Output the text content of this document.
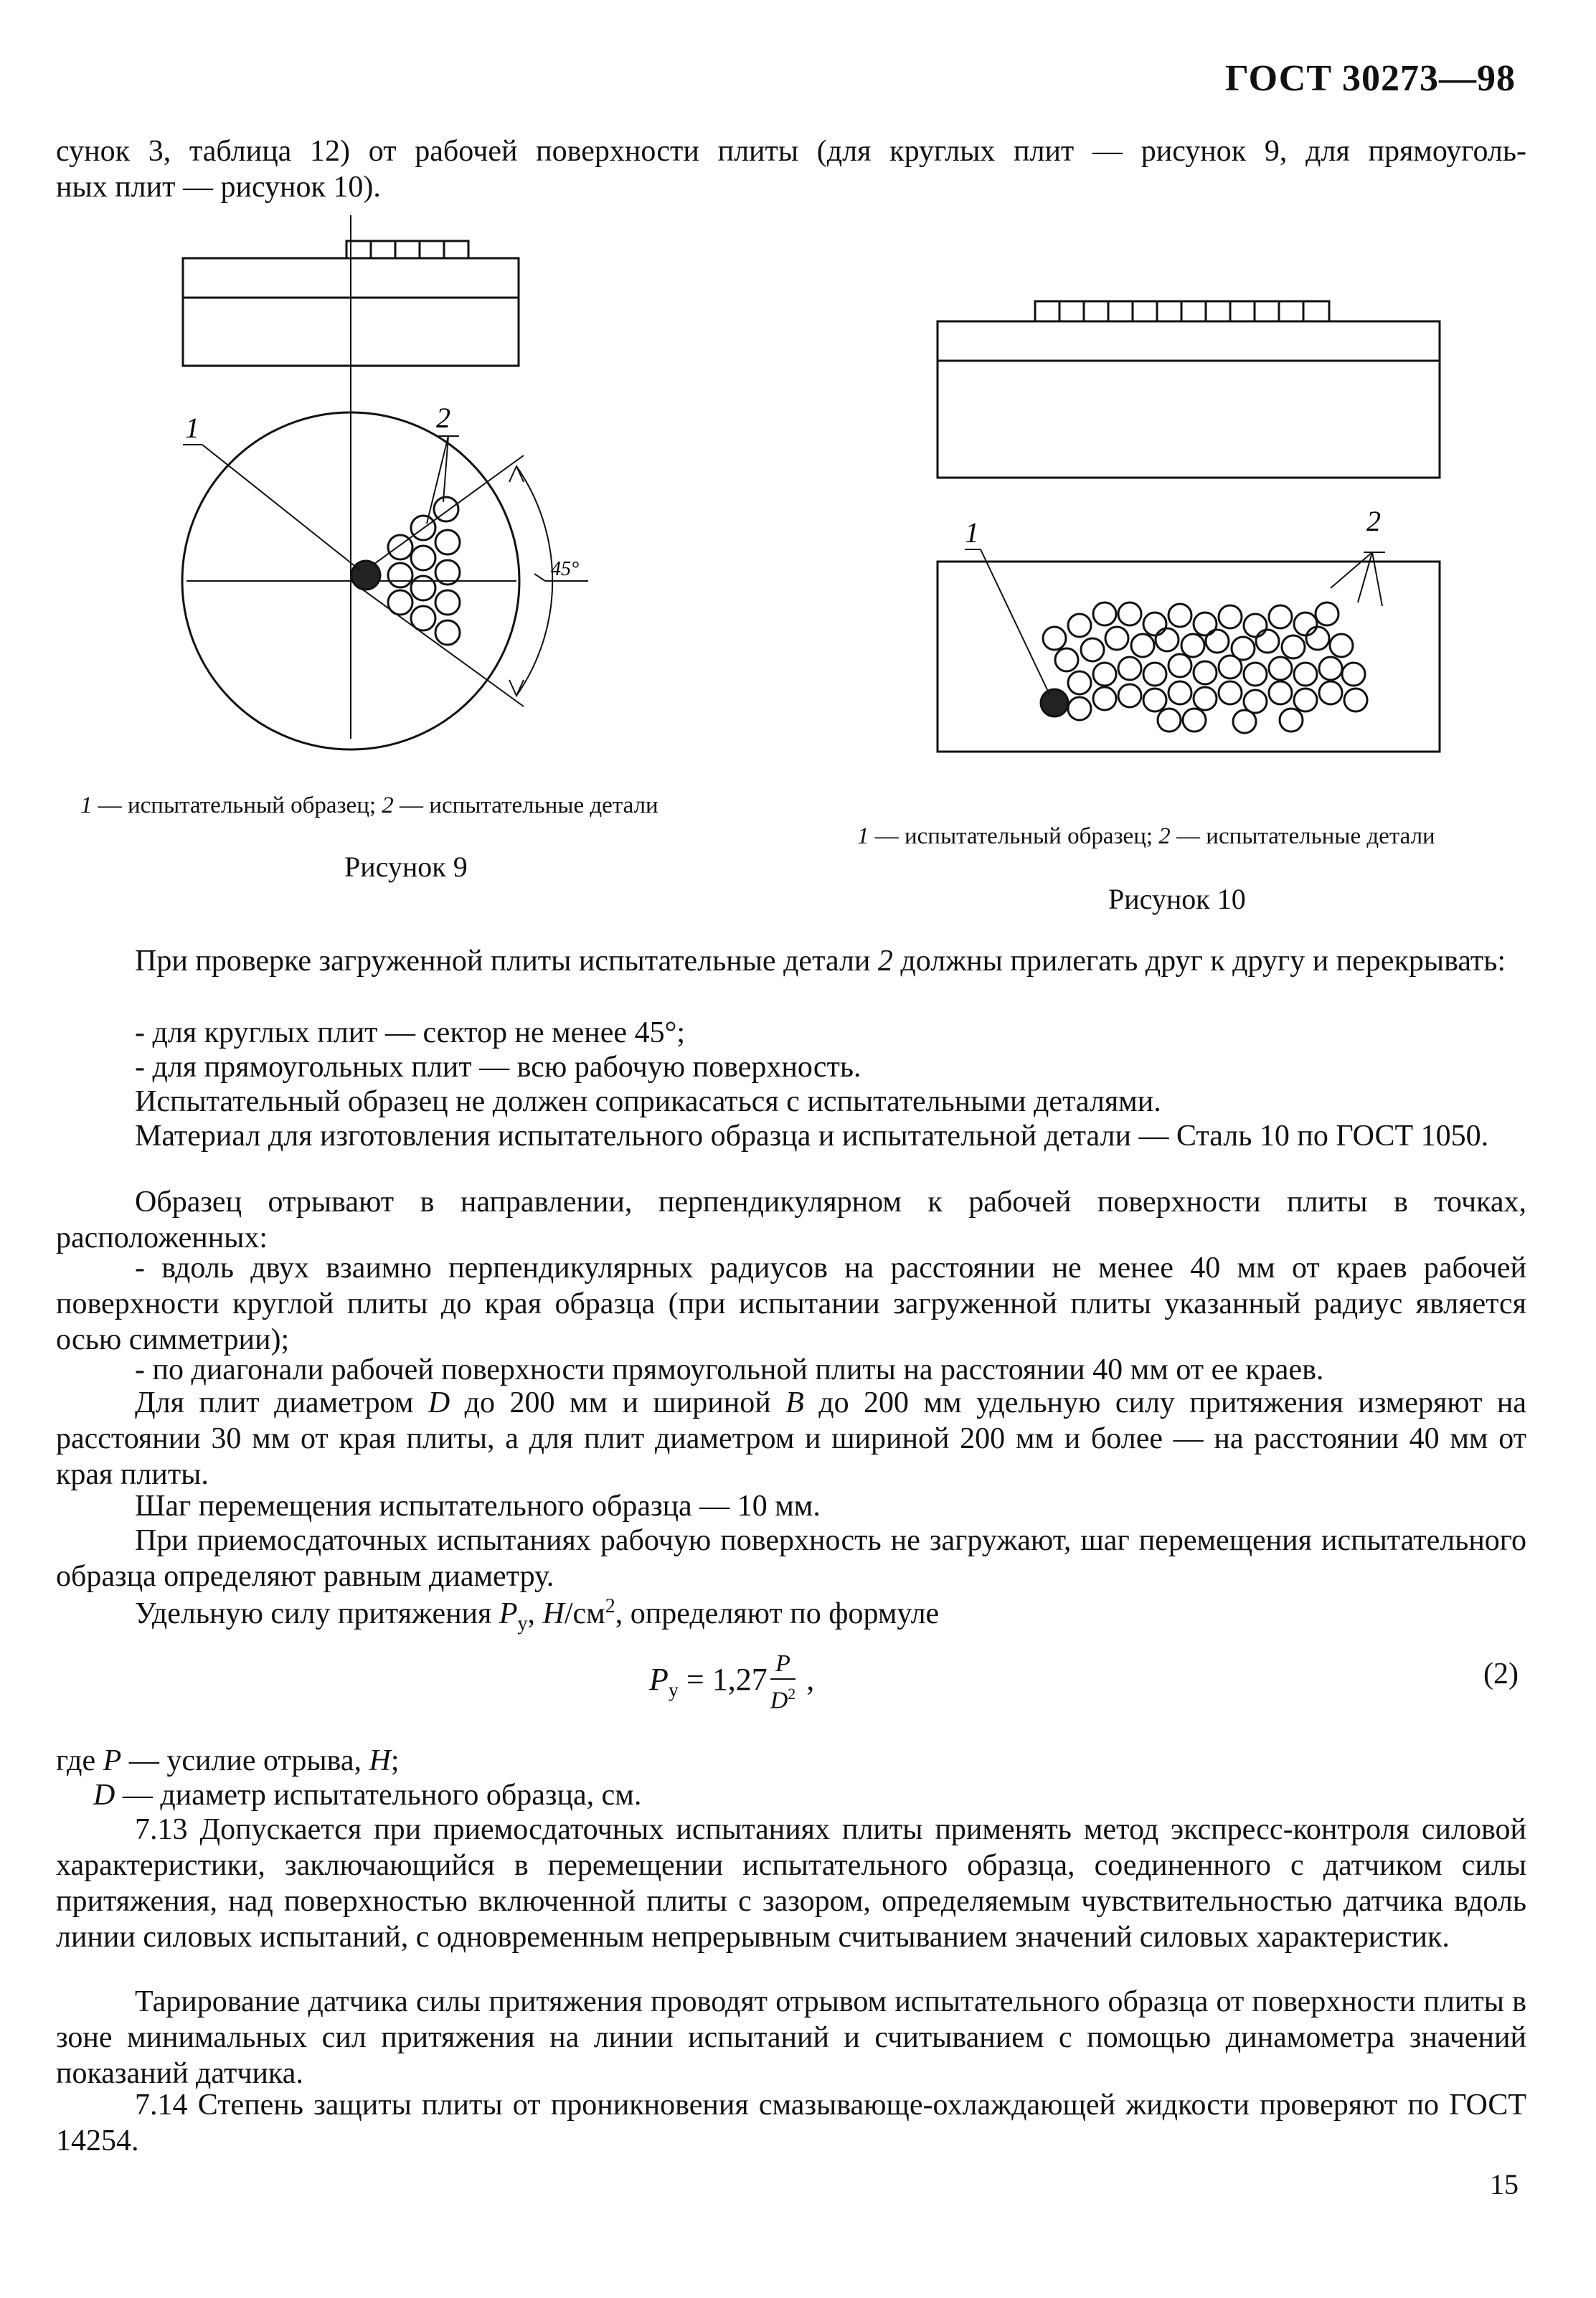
ГОСТ 30273—98
сунок 3, таблица 12) от рабочей поверхности плиты (для круглых плит — рисунок 9, для прямоуголь-
ных плит — рисунок 10).
1	2
45°
1 — испытательный образец; 2 — испытательные детали
Рисунок 9
1	2
1 — испытательный образец; 2 — испытательные детали
Рисунок 10
При проверке загруженной плиты испытательные детали 2 должны прилегать друг к другу и перекрывать:
- для круглых плит — сектор не менее 45°;
- для прямоугольных плит — всю рабочую поверхность.
Испытательный образец не должен соприкасаться с испытательными деталями.
Материал для изготовления испытательного образца и испытательной детали — Сталь 10 по ГОСТ 1050.
Образец отрывают в направлении, перпендикулярном к рабочей поверхности плиты в точках, расположенных:
- вдоль двух взаимно перпендикулярных радиусов на расстоянии не менее 40 мм от краев рабочей поверхности круглой плиты до края образца (при испытании загруженной плиты указанный радиус является осью симметрии);
- по диагонали рабочей поверхности прямоугольной плиты на расстоянии 40 мм от ее краев.
Для плит диаметром D до 200 мм и шириной B до 200 мм удельную силу притяжения измеряют на расстоянии 30 мм от края плиты, а для плит диаметром и шириной 200 мм и более — на расстоянии 40 мм от края плиты.
Шаг перемещения испытательного образца — 10 мм.
При приемосдаточных испытаниях рабочую поверхность не загружают, шаг перемещения испытательного образца определяют равным диаметру.
Удельную силу притяжения $P_у$, $Н/см^2$, определяют по формуле
$P_у = 1,27 \frac{P}{D^2}$ ,	(2)
где P — усилие отрыва, H;
D — диаметр испытательного образца, см.
7.13 Допускается при приемосдаточных испытаниях плиты применять метод экспресс-контроля силовой характеристики, заключающийся в перемещении испытательного образца, соединенного с датчиком силы притяжения, над поверхностью включенной плиты с зазором, определяемым чувствительностью датчика вдоль линии силовых испытаний, с одновременным непрерывным считыванием значений силовых характеристик.
Тарирование датчика силы притяжения проводят отрывом испытательного образца от поверхности плиты в зоне минимальных сил притяжения на линии испытаний и считыванием с помощью динамометра значений показаний датчика.
7.14 Степень защиты плиты от проникновения смазывающе-охлаждающей жидкости проверяют по ГОСТ 14254.
15
